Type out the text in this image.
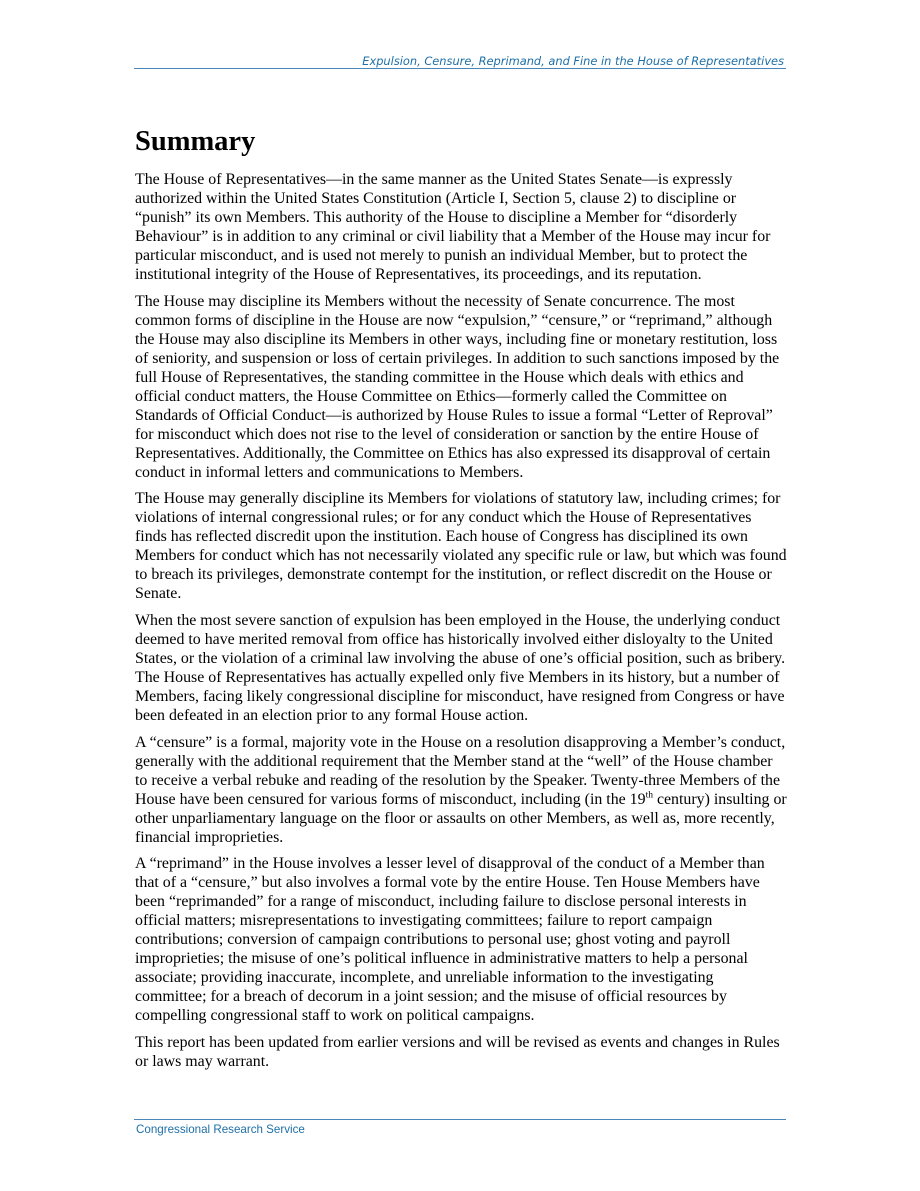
Expulsion, Censure, Reprimand, and Fine in the House of Representatives
Summary

The House of Representatives—in the same manner as the United States Senate—is expressly authorized within the United States Constitution (Article I, Section 5, clause 2) to discipline or “punish” its own Members. This authority of the House to discipline a Member for “disorderly Behaviour” is in addition to any criminal or civil liability that a Member of the House may incur for particular misconduct, and is used not merely to punish an individual Member, but to protect the institutional integrity of the House of Representatives, its proceedings, and its reputation.

The House may discipline its Members without the necessity of Senate concurrence. The most common forms of discipline in the House are now “expulsion,” “censure,” or “reprimand,” although the House may also discipline its Members in other ways, including fine or monetary restitution, loss of seniority, and suspension or loss of certain privileges. In addition to such sanctions imposed by the full House of Representatives, the standing committee in the House which deals with ethics and official conduct matters, the House Committee on Ethics—formerly called the Committee on Standards of Official Conduct—is authorized by House Rules to issue a formal “Letter of Reproval” for misconduct which does not rise to the level of consideration or sanction by the entire House of Representatives. Additionally, the Committee on Ethics has also expressed its disapproval of certain conduct in informal letters and communications to Members.

The House may generally discipline its Members for violations of statutory law, including crimes; for violations of internal congressional rules; or for any conduct which the House of Representatives finds has reflected discredit upon the institution. Each house of Congress has disciplined its own Members for conduct which has not necessarily violated any specific rule or law, but which was found to breach its privileges, demonstrate contempt for the institution, or reflect discredit on the House or Senate.

When the most severe sanction of expulsion has been employed in the House, the underlying conduct deemed to have merited removal from office has historically involved either disloyalty to the United States, or the violation of a criminal law involving the abuse of one’s official position, such as bribery. The House of Representatives has actually expelled only five Members in its history, but a number of Members, facing likely congressional discipline for misconduct, have resigned from Congress or have been defeated in an election prior to any formal House action.

A “censure” is a formal, majority vote in the House on a resolution disapproving a Member’s conduct, generally with the additional requirement that the Member stand at the “well” of the House chamber to receive a verbal rebuke and reading of the resolution by the Speaker. Twenty-three Members of the House have been censured for various forms of misconduct, including (in the 19th century) insulting or other unparliamentary language on the floor or assaults on other Members, as well as, more recently, financial improprieties.

A “reprimand” in the House involves a lesser level of disapproval of the conduct of a Member than that of a “censure,” but also involves a formal vote by the entire House. Ten House Members have been “reprimanded” for a range of misconduct, including failure to disclose personal interests in official matters; misrepresentations to investigating committees; failure to report campaign contributions; conversion of campaign contributions to personal use; ghost voting and payroll improprieties; the misuse of one’s political influence in administrative matters to help a personal associate; providing inaccurate, incomplete, and unreliable information to the investigating committee; for a breach of decorum in a joint session; and the misuse of official resources by compelling congressional staff to work on political campaigns.

This report has been updated from earlier versions and will be revised as events and changes in Rules or laws may warrant.

Congressional Research Service
